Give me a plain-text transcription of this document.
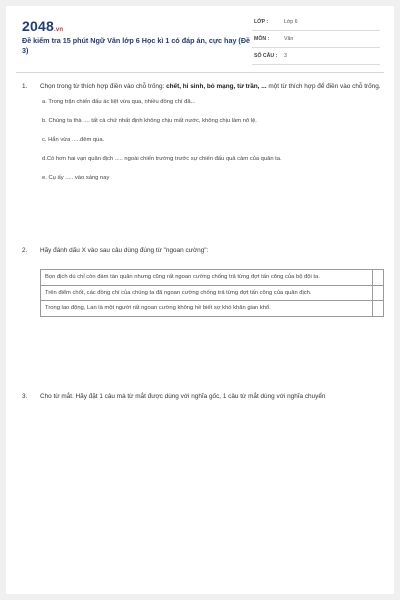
2048.vn
Đề kiểm tra 15 phút Ngữ Văn lớp 6 Học kì 1 có đáp án, cực hay (Đề 3)
LỚP :	Lớp 6
MÔN :	Văn
SỐ CÂU : 3
1. Chọn trong từ thích hợp điền vào chỗ trống: chết, hi sinh, bỏ mạng, từ trần, ... một từ thích hợp để điền vào chỗ trống.
a. Trong trận chiến đấu ác liệt vừa qua, nhiều đồng chí đã...
b. Chúng ta thà .... tất cả chứ nhất định không chịu mất nước, không chịu làm nô lệ.
c. Hắn vừa .....đêm qua.
d.Có hơn hai vạn quân địch ..... ngoài chiến trường trước sự chiến đấu quả cảm của quân ta.
e. Cụ ấy ..... vào sáng nay
2. Hãy đánh dấu X vào sau câu dùng đúng từ "ngoan cường":
Bọn địch dù chỉ còn đám tàn quân nhưng cũng rất ngoan cường chống trả từng đợt tấn công của bộ đội ta.	
Trên điểm chốt, các đồng chí của chúng ta đã ngoan cường chống trả từng đợt tấn công của quân địch.	
Trong lao động, Lan là một người rất ngoan cường không hề biết sợ khó khăn gian khổ.	
3. Cho từ mắt. Hãy đặt 1 câu mà từ mắt được dùng với nghĩa gốc, 1 câu từ mắt dùng với nghĩa chuyển
